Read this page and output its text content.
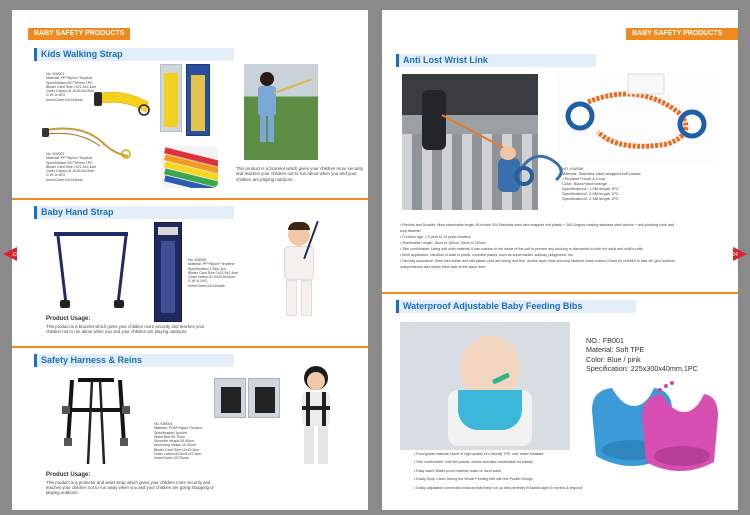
BABY SAFETY PRODUCTS
Kids Walking Strap
No.:KW001
Material: PP+Nylon+Terylene
Specification:90*750mm 1PC
Blister Card Size:7x21.5x2.4cm
Outer Carton:41.5x33.5x23cm
G.W.:5.1KG
Inner/Outer:24/144sets
No.:KW002
Material: PP+Nylon+Terylene
Specification:25*750mm 1PC
Blister Card Size:7x21.5x2.4cm
Outer Carton:41.5x33.5x23cm
G.W.:5.1KG
Inner/Outer:24/144sets
This product is a bracelet which gives your children more security and teaches your children not to run about when you and your children are playing outdoors.
Baby Hand Strap
No.:KW005
Material: PP+Nylon+Terylene
Specification:1.36m,1pc
Blister Card Size:7x21.5x2.4cm
Outer carton:51.5x33.5x33cm
G.W.:6.1KG
Inner/Outer:24/144sets
Product Usage:
This product is a bracelet which gives your children more security and teaches your children not to run about when you and your children are playing outdoors.
Safety Harness & Reins
No.:KW004
Material: POM+Nylon+Terylen
Specification:1pc/set
Waist Belt:30-70cm
Shoulder straps:25-65cm
Anchoring straps:15-20cm
Blister Card Size:12x19.5cm
Outer carton:53.5x41x37.5cm
Inner/Outer:12/72sets
Product Usage:
This product is a protector and waist strap which gives your children more security and teaches your children not to run away when you and your children are going shopping or playing outdoors.
BABY SAFETY PRODUCTS
Anti Lost Wrist Link
NO.:KW006
Material: Stainless steel wrapped soft plastic
+Terylene+Hook & Loop
Color: Black+blue/orange
Specification1: 1.5M length 1PC
Specification2: 2.0M length 1PC
Specification3: 2.5M length 1PC
• Flexible and Durable: Most stretchable length 36 inches 304 Stainless steel wire wrapped soft plastic + 360-Degree rotating stainless steel anchor + anti-pinching hook and
loop fastener
• Function age: 1.5 year to 15 years toddlers
• Stretchable Length: 36cm to 150cm, 45cm to 200cm
• Skin comfortable: Using soft cloth material, it has cushion in the inside of the cuff to prevent any bruising or discomfort to both the adult and child's cuffs
• Multi application: Vacation or walk in public, crowded places, such as supermarket, subway, playground, etc
• Security assurance: Steel wire inside and soft plastic cord are strong and firm, double layer hook and loop fastener which makes it hard for children to take off, give toddlers
independence also keeps them safe at the same time.
Waterproof Adjustable Baby Feeding Bibs
NO.: FB001
Material: Soft TPE
Color: Blue / pink
Specification: 225x300x40mm,1PC
• Food grade material: Made of high-quality eco-friendly TPE, soft, water resistant
• Skin comfortable: Soft thin plastic, elastic and also comfortable for babies
• Easy wash: Water-proof machine wash or hand wash
• Easily Keep Clean During the Whole Feeding bite with the Pocket Design
• Easily adjustable connection ensures that these roll up bibs perfectly fit babies aged 6 months & beyond!
23	24
